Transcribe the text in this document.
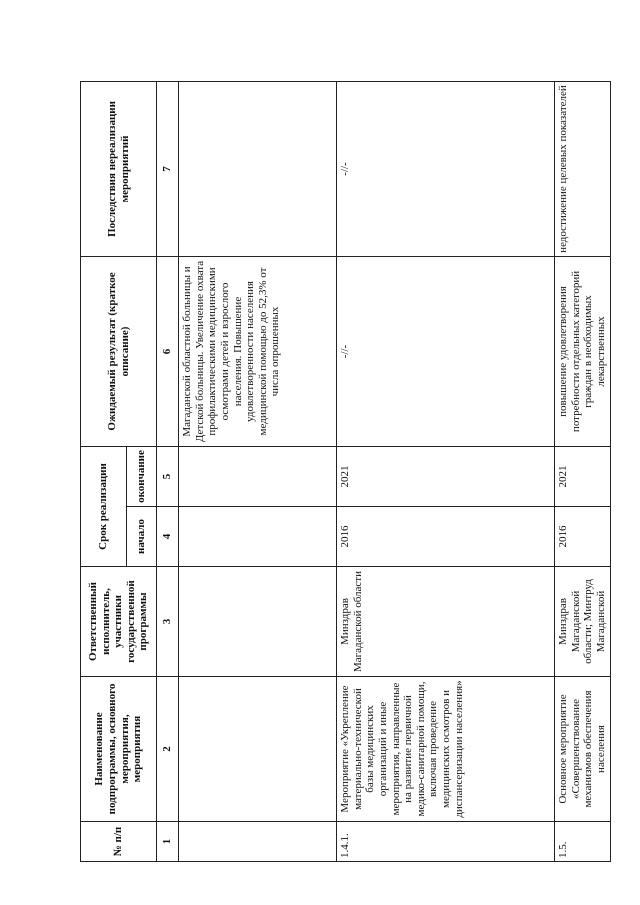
№ п/п	Наименование подпрограммы, основного мероприятия, мероприятия	Ответственный исполнитель, участники государственной программы	Срок реализации		Ожидаемый результат (краткое описание)	Последствия нереализации мероприятий
			начало	окончание		
1	2	3	4	5	6	7
					Магаданской областной больницы и Детской больницы. Увеличение охвата профилактическими медицинскими осмотрами детей и взрослого населения. Повышение удовлетворенности населения медицинской помощью до 52,3% от числа опрошенных	
1.4.1.	Мероприятие «Укрепление материально-технической базы медицинских организаций и иные мероприятия, направленные на развитие первичной медико-санитарной помощи, включая проведение медицинских осмотров и диспансеризации населения»	Минздрав Магаданской области	2016	2021	-//-	-//-
1.5.	Основное мероприятие «Совершенствование механизмов обеспечения населения	Минздрав Магаданской области; Минтруд Магаданской	2016	2021	повышение удовлетворения потребности отдельных категорий граждан в необходимых лекарственных	недостижение целевых показателей
